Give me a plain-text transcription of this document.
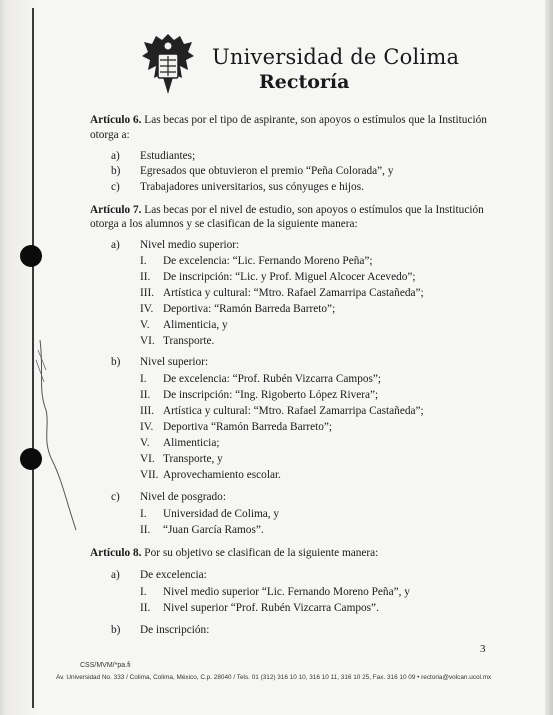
Universidad de Colima
Rectoría
Artículo 6. Las becas por el tipo de aspirante, son apoyos o estímulos que la Institución
otorga a:
a) Estudiantes;
b) Egresados que obtuvieron el premio “Peña Colorada”, y
c) Trabajadores universitarios, sus cónyuges e hijos.
Artículo 7. Las becas por el nivel de estudio, son apoyos o estímulos que la Institución
otorga a los alumnos y se clasifican de la siguiente manera:
a) Nivel medio superior:
I. De excelencia: “Lic. Fernando Moreno Peña”;
II. De inscripción: “Lic. y Prof. Miguel Alcocer Acevedo”;
III. Artística y cultural: “Mtro. Rafael Zamarripa Castañeda”;
IV. Deportiva: “Ramón Barreda Barreto”;
V. Alimenticia, y
VI. Transporte.
b) Nivel superior:
I. De excelencia: “Prof. Rubén Vizcarra Campos”;
II. De inscripción: “Ing. Rigoberto López Rivera”;
III. Artística y cultural: “Mtro. Rafael Zamarripa Castañeda”;
IV. Deportiva “Ramón Barreda Barreto”;
V. Alimenticia;
VI. Transporte, y
VII. Aprovechamiento escolar.
c) Nivel de posgrado:
I. Universidad de Colima, y
II. “Juan García Ramos”.
Artículo 8. Por su objetivo se clasifican de la siguiente manera:
a) De excelencia:
I. Nivel medio superior “Lic. Fernando Moreno Peña”, y
II. Nivel superior “Prof. Rubén Vizcarra Campos”.
b) De inscripción:
3
CSS/MVM/*pa.fi
Av. Universidad No. 333 / Colima, Colima, México, C.p. 28040 / Tels. 01 (312) 316 10 10, 316 10 11, 316 10 25, Fax. 316 10 09 • rectoria@volcan.ucol.mx
